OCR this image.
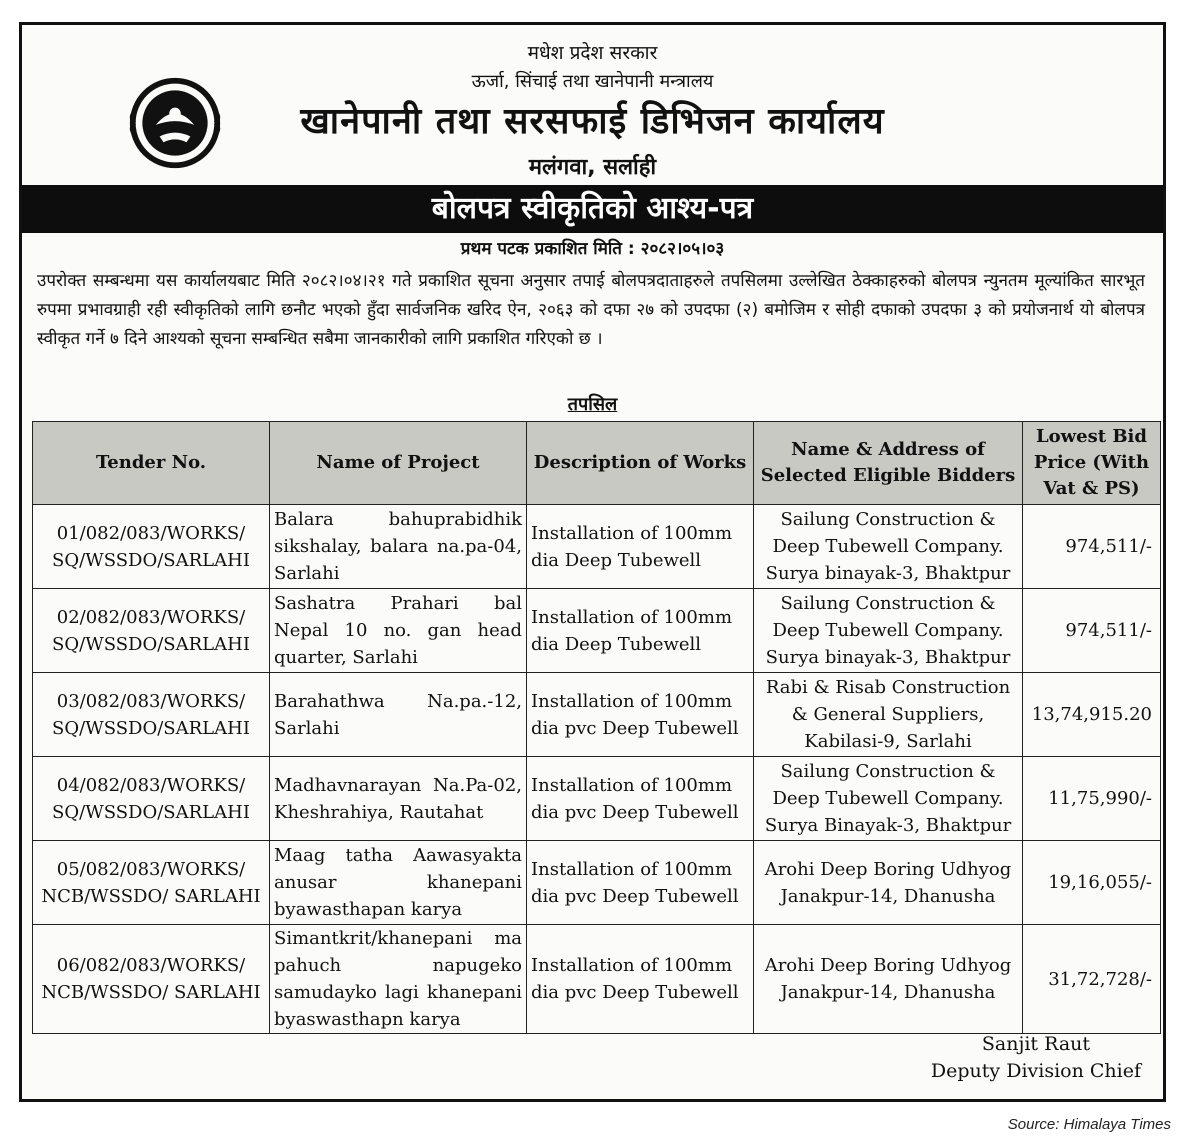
मधेश प्रदेश सरकार
ऊर्जा, सिंचाई तथा खानेपानी मन्त्रालय
खानेपानी तथा सरसफाई डिभिजन कार्यालय
मलंगवा, सर्लाही
बोलपत्र स्वीकृतिको आश्य-पत्र
प्रथम पटक प्रकाशित मिति : २०८२।०५।०३
उपरोक्त सम्बन्धमा यस कार्यालयबाट मिति २०८२।०४।२१ गते प्रकाशित सूचना अनुसार तपाई बोलपत्रदाताहरुले तपसिलमा उल्लेखित ठेक्काहरुको बोलपत्र न्युनतम मूल्यांकित सारभूत रुपमा प्रभावग्राही रही स्वीकृतिको लागि छनौट भएको हुँदा सार्वजनिक खरिद ऐन, २०६३ को दफा २७ को उपदफा (२) बमोजिम र सोही दफाको उपदफा ३ को प्रयोजनार्थ यो बोलपत्र स्वीकृत गर्ने ७ दिने आश्यको सूचना सम्बन्धित सबैमा जानकारीको लागि प्रकाशित गरिएको छ ।
तपसिल
Tender No.	Name of Project	Description of Works	Name & Address of Selected Eligible Bidders	Lowest Bid Price (With Vat & PS)
01/082/083/WORKS/ SQ/WSSDO/SARLAHI	Balara bahuprabidhik sikshalay, balara na.pa-04, Sarlahi	Installation of 100mm dia Deep Tubewell	Sailung Construction & Deep Tubewell Company. Surya binayak-3, Bhaktpur	974,511/-
02/082/083/WORKS/ SQ/WSSDO/SARLAHI	Sashatra Prahari bal Nepal 10 no. gan head quarter, Sarlahi	Installation of 100mm dia Deep Tubewell	Sailung Construction & Deep Tubewell Company. Surya binayak-3, Bhaktpur	974,511/-
03/082/083/WORKS/ SQ/WSSDO/SARLAHI	Barahathwa Na.pa.-12, Sarlahi	Installation of 100mm dia pvc Deep Tubewell	Rabi & Risab Construction & General Suppliers, Kabilasi-9, Sarlahi	13,74,915.20
04/082/083/WORKS/ SQ/WSSDO/SARLAHI	Madhavnarayan Na.Pa-02, Kheshrahiya, Rautahat	Installation of 100mm dia pvc Deep Tubewell	Sailung Construction & Deep Tubewell Company. Surya Binayak-3, Bhaktpur	11,75,990/-
05/082/083/WORKS/ NCB/WSSDO/ SARLAHI	Maag tatha Aawasyakta anusar khanepani byawasthapan karya	Installation of 100mm dia pvc Deep Tubewell	Arohi Deep Boring Udhyog Janakpur-14, Dhanusha	19,16,055/-
06/082/083/WORKS/ NCB/WSSDO/ SARLAHI	Simantkrit/khanepani ma pahuch napugeko samudayko lagi khanepani byaswasthapn karya	Installation of 100mm dia pvc Deep Tubewell	Arohi Deep Boring Udhyog Janakpur-14, Dhanusha	31,72,728/-
Sanjit Raut
Deputy Division Chief
Source: Himalaya Times
